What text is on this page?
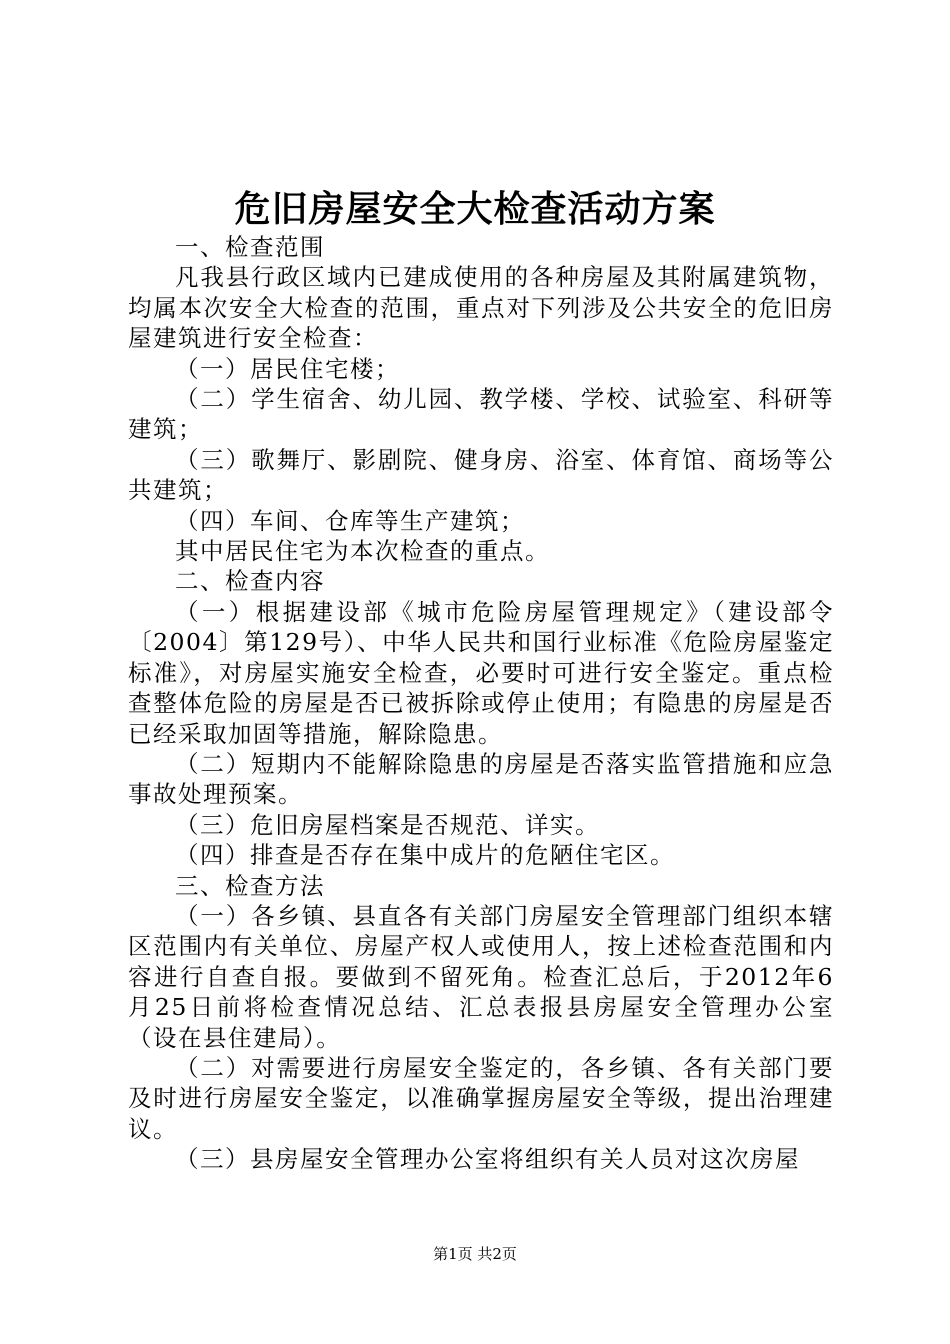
危旧房屋安全大检查活动方案

一、检查范围

凡我县行政区域内已建成使用的各种房屋及其附属建筑物，均属本次安全大检查的范围，重点对下列涉及公共安全的危旧房屋建筑进行安全检查：

（一）居民住宅楼；

（二）学生宿舍、幼儿园、教学楼、学校、试验室、科研等建筑；

（三）歌舞厅、影剧院、健身房、浴室、体育馆、商场等公共建筑；

（四）车间、仓库等生产建筑；

其中居民住宅为本次检查的重点。

二、检查内容

（一）根据建设部《城市危险房屋管理规定》（建设部令〔2004〕第129号）、中华人民共和国行业标准《危险房屋鉴定标准》，对房屋实施安全检查，必要时可进行安全鉴定。重点检查整体危险的房屋是否已被拆除或停止使用；有隐患的房屋是否已经采取加固等措施，解除隐患。

（二）短期内不能解除隐患的房屋是否落实监管措施和应急事故处理预案。

（三）危旧房屋档案是否规范、详实。

（四）排查是否存在集中成片的危陋住宅区。

三、检查方法

（一）各乡镇、县直各有关部门房屋安全管理部门组织本辖区范围内有关单位、房屋产权人或使用人，按上述检查范围和内容进行自查自报。要做到不留死角。检查汇总后，于2012年6月25日前将检查情况总结、汇总表报县房屋安全管理办公室（设在县住建局）。

（二）对需要进行房屋安全鉴定的，各乡镇、各有关部门要及时进行房屋安全鉴定，以准确掌握房屋安全等级，提出治理建议。

（三）县房屋安全管理办公室将组织有关人员对这次房屋

第1页 共2页
